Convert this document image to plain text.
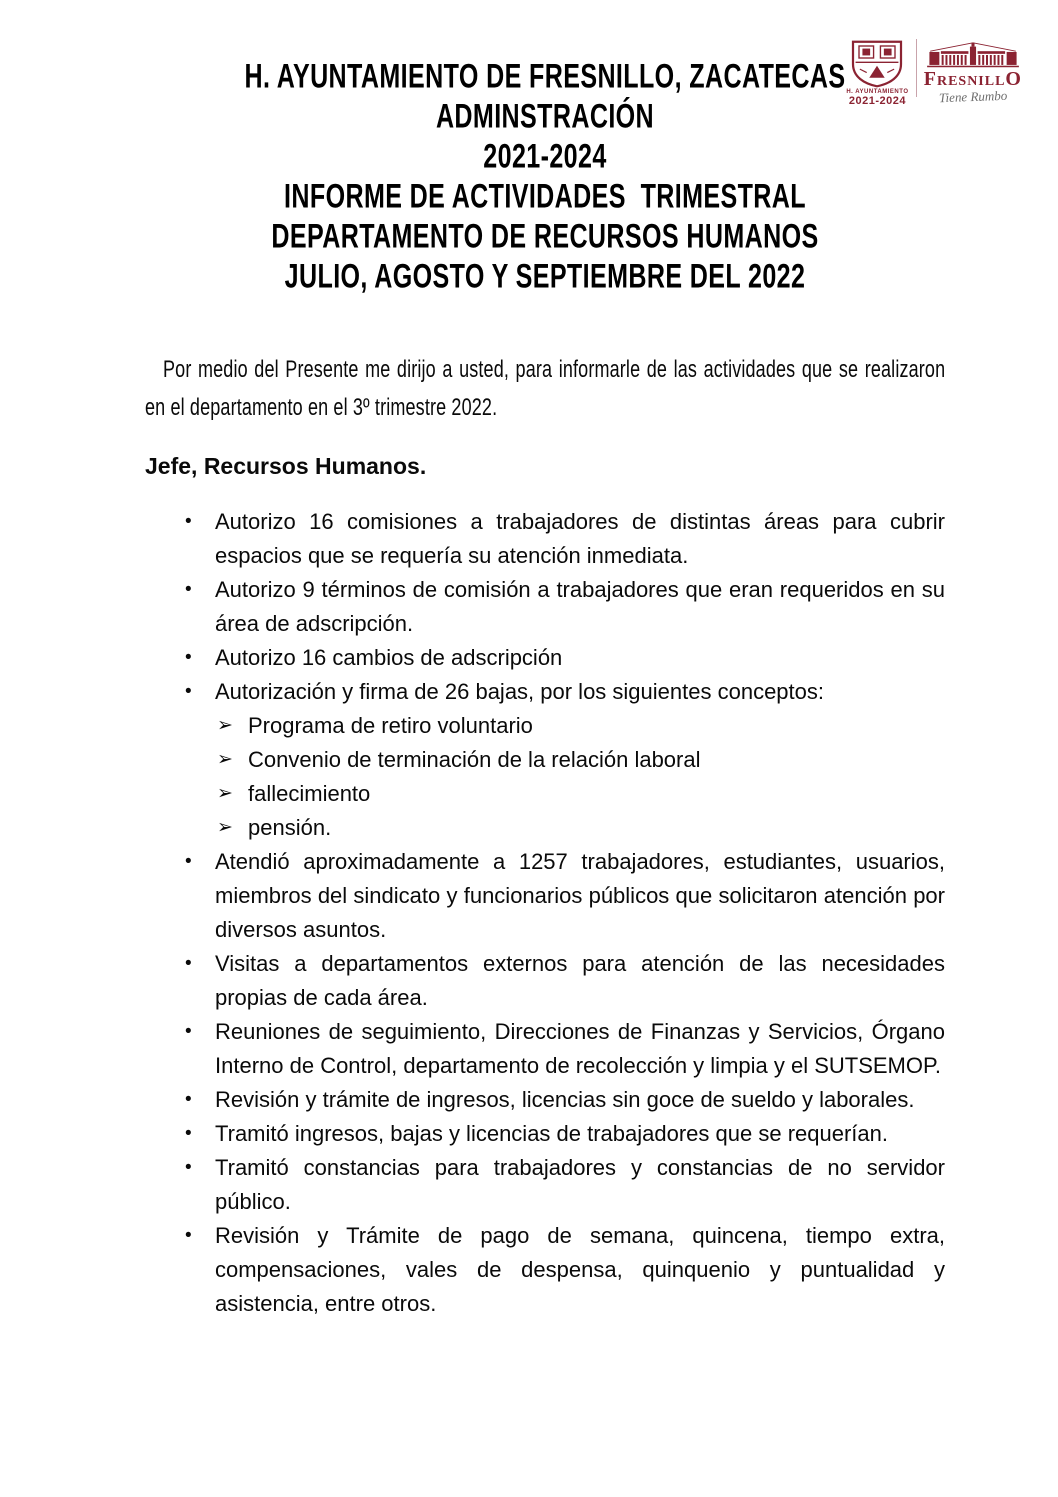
H. AYUNTAMIENTO
2021-2024
FresnillO
Tiene Rumbo
H. AYUNTAMIENTO DE FRESNILLO, ZACATECAS
ADMINSTRACIÓN
2021-2024
INFORME DE ACTIVIDADES  TRIMESTRAL
DEPARTAMENTO DE RECURSOS HUMANOS
JULIO, AGOSTO Y SEPTIEMBRE DEL 2022

Por medio del Presente me dirijo a usted, para informarle de las actividades que se realizaron en el departamento en el 3º trimestre 2022.

Jefe, Recursos Humanos.
• Autorizo 16 comisiones a trabajadores de distintas áreas para cubrir espacios que se requería su atención inmediata.
• Autorizo 9 términos de comisión a trabajadores que eran requeridos en su área de adscripción.
• Autorizo 16 cambios de adscripción
• Autorización y firma de 26 bajas, por los siguientes conceptos:
➢ Programa de retiro voluntario
➢ Convenio de terminación de la relación laboral
➢ fallecimiento
➢ pensión.
• Atendió aproximadamente a 1257 trabajadores, estudiantes, usuarios, miembros del sindicato y funcionarios públicos que solicitaron atención por diversos asuntos.
• Visitas a departamentos externos para atención de las necesidades propias de cada área.
• Reuniones de seguimiento, Direcciones de Finanzas y Servicios, Órgano Interno de Control, departamento de recolección y limpia y el SUTSEMOP.
• Revisión y trámite de ingresos, licencias sin goce de sueldo y laborales.
• Tramitó ingresos, bajas y licencias de trabajadores que se requerían.
• Tramitó constancias para trabajadores y constancias de no servidor público.
• Revisión y Trámite de pago de semana, quincena, tiempo extra, compensaciones, vales de despensa, quinquenio y puntualidad y asistencia, entre otros.
